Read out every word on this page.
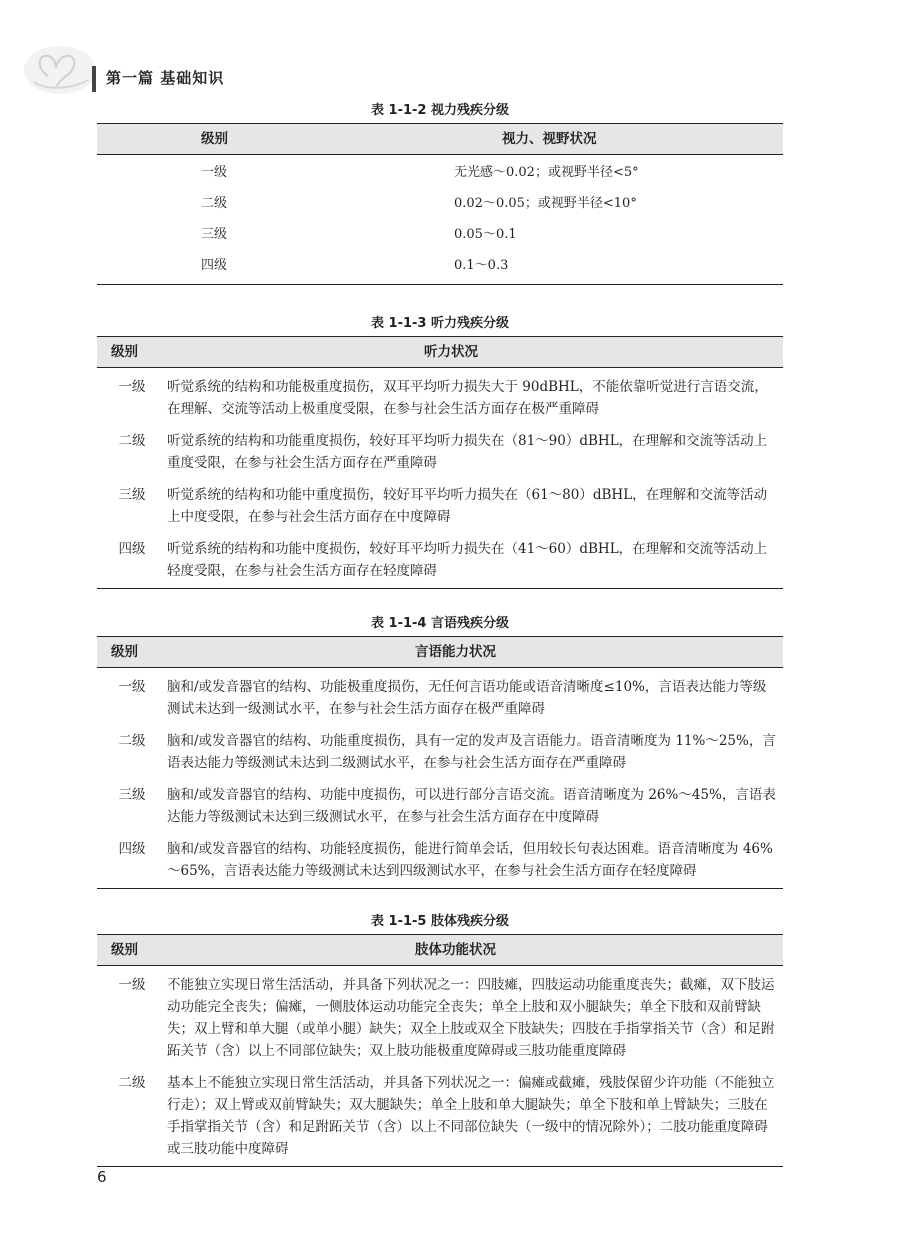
第一篇 基础知识
表 1-1-2 视力残疾分级
级别	视力、视野状况
一级	无光感～0.02；或视野半径<5°
二级	0.02～0.05；或视野半径<10°
三级	0.05～0.1
四级	0.1～0.3
表 1-1-3 听力残疾分级
级别	听力状况
一级	听觉系统的结构和功能极重度损伤，双耳平均听力损失大于 90dBHL，不能依靠听觉进行言语交流，在理解、交流等活动上极重度受限，在参与社会生活方面存在极严重障碍
二级	听觉系统的结构和功能重度损伤，较好耳平均听力损失在（81～90）dBHL，在理解和交流等活动上重度受限，在参与社会生活方面存在严重障碍
三级	听觉系统的结构和功能中重度损伤，较好耳平均听力损失在（61～80）dBHL，在理解和交流等活动上中度受限，在参与社会生活方面存在中度障碍
四级	听觉系统的结构和功能中度损伤，较好耳平均听力损失在（41～60）dBHL，在理解和交流等活动上轻度受限，在参与社会生活方面存在轻度障碍
表 1-1-4 言语残疾分级
级别	言语能力状况
一级	脑和/或发音器官的结构、功能极重度损伤，无任何言语功能或语音清晰度≤10%，言语表达能力等级测试未达到一级测试水平，在参与社会生活方面存在极严重障碍
二级	脑和/或发音器官的结构、功能重度损伤，具有一定的发声及言语能力。语音清晰度为 11%～25%，言语表达能力等级测试未达到二级测试水平，在参与社会生活方面存在严重障碍
三级	脑和/或发音器官的结构、功能中度损伤，可以进行部分言语交流。语音清晰度为 26%～45%，言语表达能力等级测试未达到三级测试水平，在参与社会生活方面存在中度障碍
四级	脑和/或发音器官的结构、功能轻度损伤，能进行简单会话，但用较长句表达困难。语音清晰度为 46%～65%，言语表达能力等级测试未达到四级测试水平，在参与社会生活方面存在轻度障碍
表 1-1-5 肢体残疾分级
级别	肢体功能状况
一级	不能独立实现日常生活活动，并具备下列状况之一：四肢瘫，四肢运动功能重度丧失；截瘫，双下肢运动功能完全丧失；偏瘫，一侧肢体运动功能完全丧失；单全上肢和双小腿缺失；单全下肢和双前臂缺失；双上臂和单大腿（或单小腿）缺失；双全上肢或双全下肢缺失；四肢在手指掌指关节（含）和足跗跖关节（含）以上不同部位缺失；双上肢功能极重度障碍或三肢功能重度障碍
二级	基本上不能独立实现日常生活活动，并具备下列状况之一：偏瘫或截瘫，残肢保留少许功能（不能独立行走）；双上臂或双前臂缺失；双大腿缺失；单全上肢和单大腿缺失；单全下肢和单上臂缺失；三肢在手指掌指关节（含）和足跗跖关节（含）以上不同部位缺失（一级中的情况除外）；二肢功能重度障碍或三肢功能中度障碍
6
